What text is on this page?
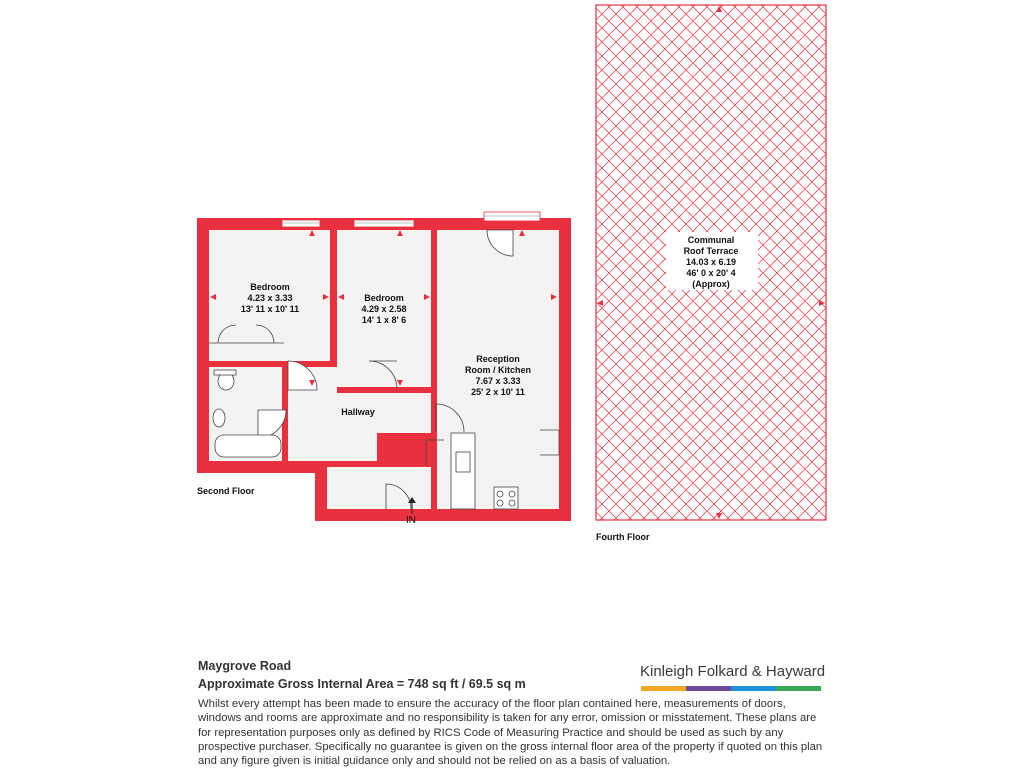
Bedroom
4.23 x 3.33
13' 11 x 10' 11
Bedroom
4.29 x 2.58
14' 1 x 8' 6
Reception
Room / Kitchen
7.67 x 3.33
25' 2 x 10' 11
Hallway
Communal
Roof Terrace
14.03 x 6.19
46' 0 x 20' 4
(Approx)
Second Floor
Fourth Floor
IN
Maygrove Road
Approximate Gross Internal Area = 748 sq ft / 69.5 sq m
Whilst every attempt has been made to ensure the accuracy of the floor plan contained here, measurements of doors, windows and rooms are approximate and no responsibility is taken for any error, omission or misstatement. These plans are for representation purposes only as defined by RICS Code of Measuring Practice and should be used as such by any prospective purchaser. Specifically no guarantee is given on the gross internal floor area of the property if quoted on this plan and any figure given is initial guidance only and should not be relied on as a basis of valuation.
Kinleigh Folkard & Hayward
